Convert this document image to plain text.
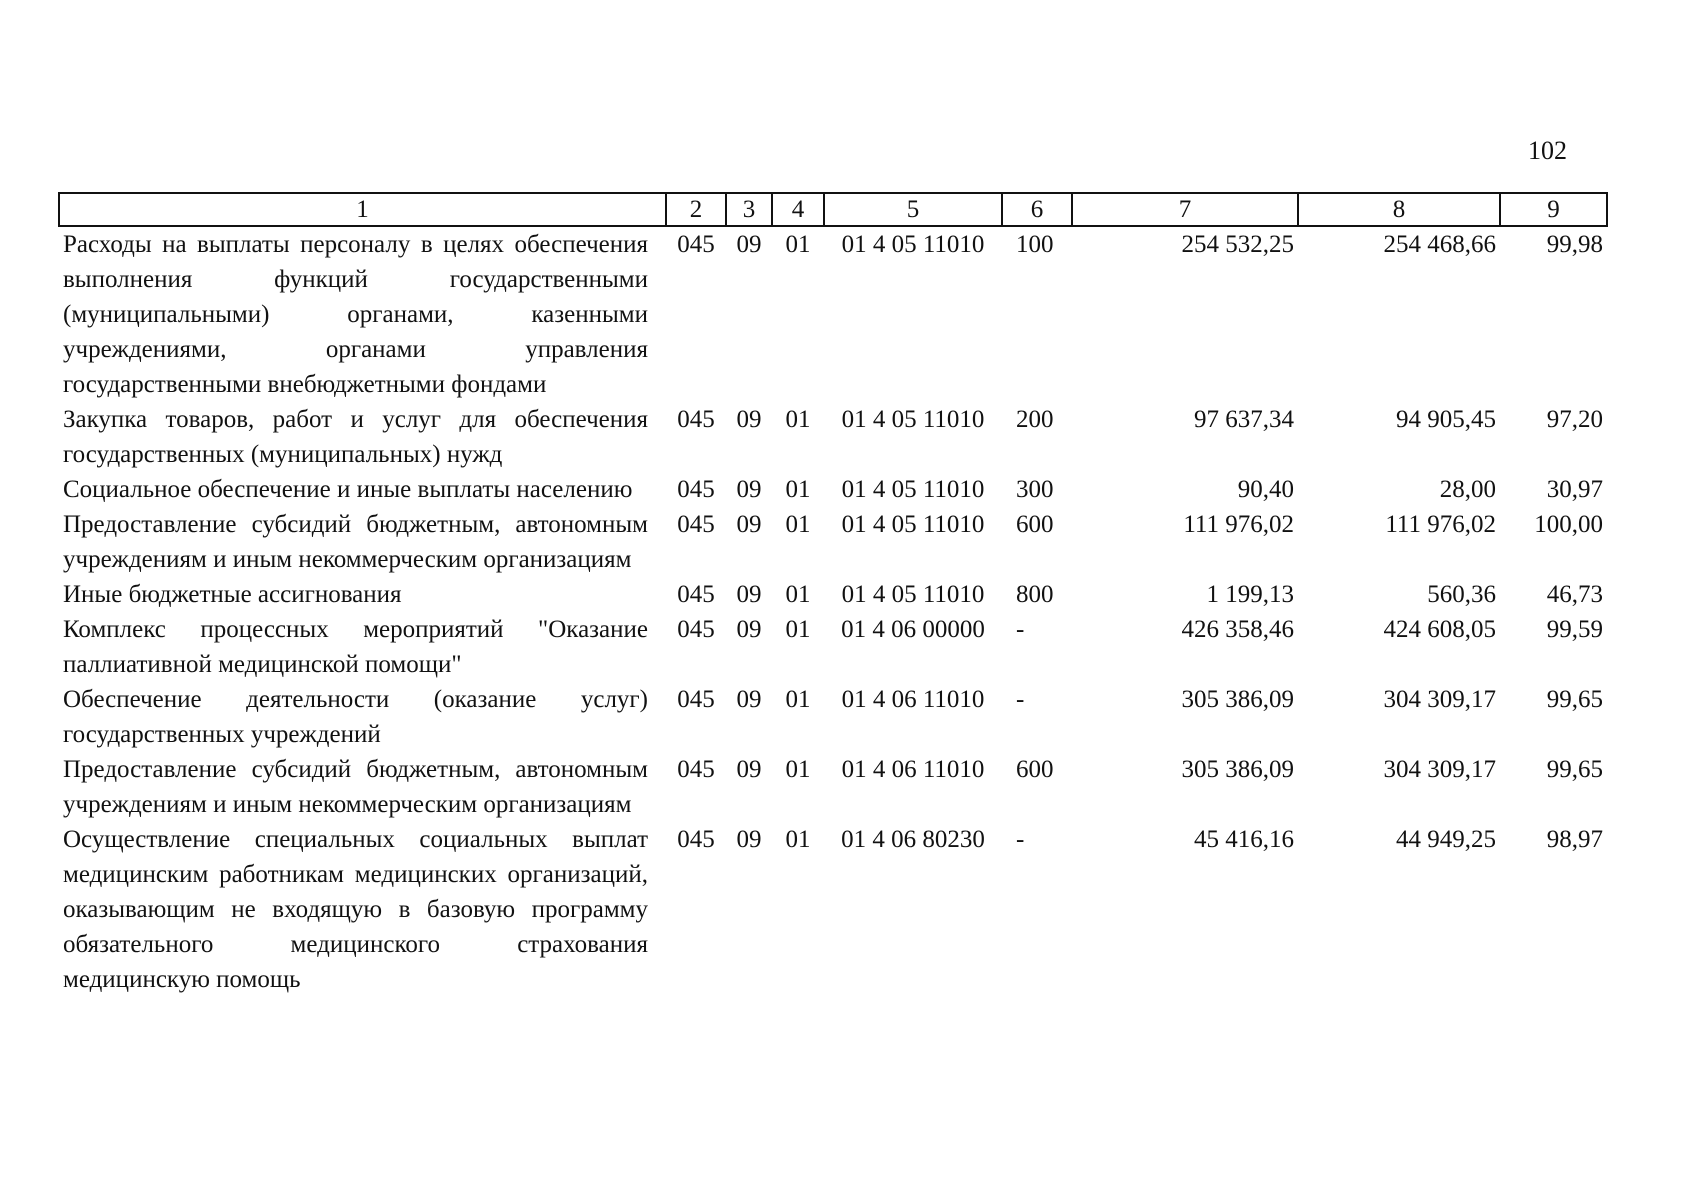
102
1	2	3	4	5	6	7	8	9
Расходы на выплаты персоналу в целях обеспечения выполнения функций государственными (муниципальными) органами, казенными учреждениями, органами управления государственными внебюджетными фондами	045	09	01	01 4 05 11010	100	254 532,25	254 468,66	99,98
Закупка товаров, работ и услуг для обеспечения государственных (муниципальных) нужд	045	09	01	01 4 05 11010	200	97 637,34	94 905,45	97,20
Социальное обеспечение и иные выплаты населению	045	09	01	01 4 05 11010	300	90,40	28,00	30,97
Предоставление субсидий бюджетным, автономным учреждениям и иным некоммерческим организациям	045	09	01	01 4 05 11010	600	111 976,02	111 976,02	100,00
Иные бюджетные ассигнования	045	09	01	01 4 05 11010	800	1 199,13	560,36	46,73
Комплекс процессных мероприятий "Оказание паллиативной медицинской помощи"	045	09	01	01 4 06 00000	-	426 358,46	424 608,05	99,59
Обеспечение деятельности (оказание услуг) государственных учреждений	045	09	01	01 4 06 11010	-	305 386,09	304 309,17	99,65
Предоставление субсидий бюджетным, автономным учреждениям и иным некоммерческим организациям	045	09	01	01 4 06 11010	600	305 386,09	304 309,17	99,65
Осуществление специальных социальных выплат медицинским работникам медицинских организаций, оказывающим не входящую в базовую программу обязательного медицинского страхования медицинскую помощь	045	09	01	01 4 06 80230	-	45 416,16	44 949,25	98,97
